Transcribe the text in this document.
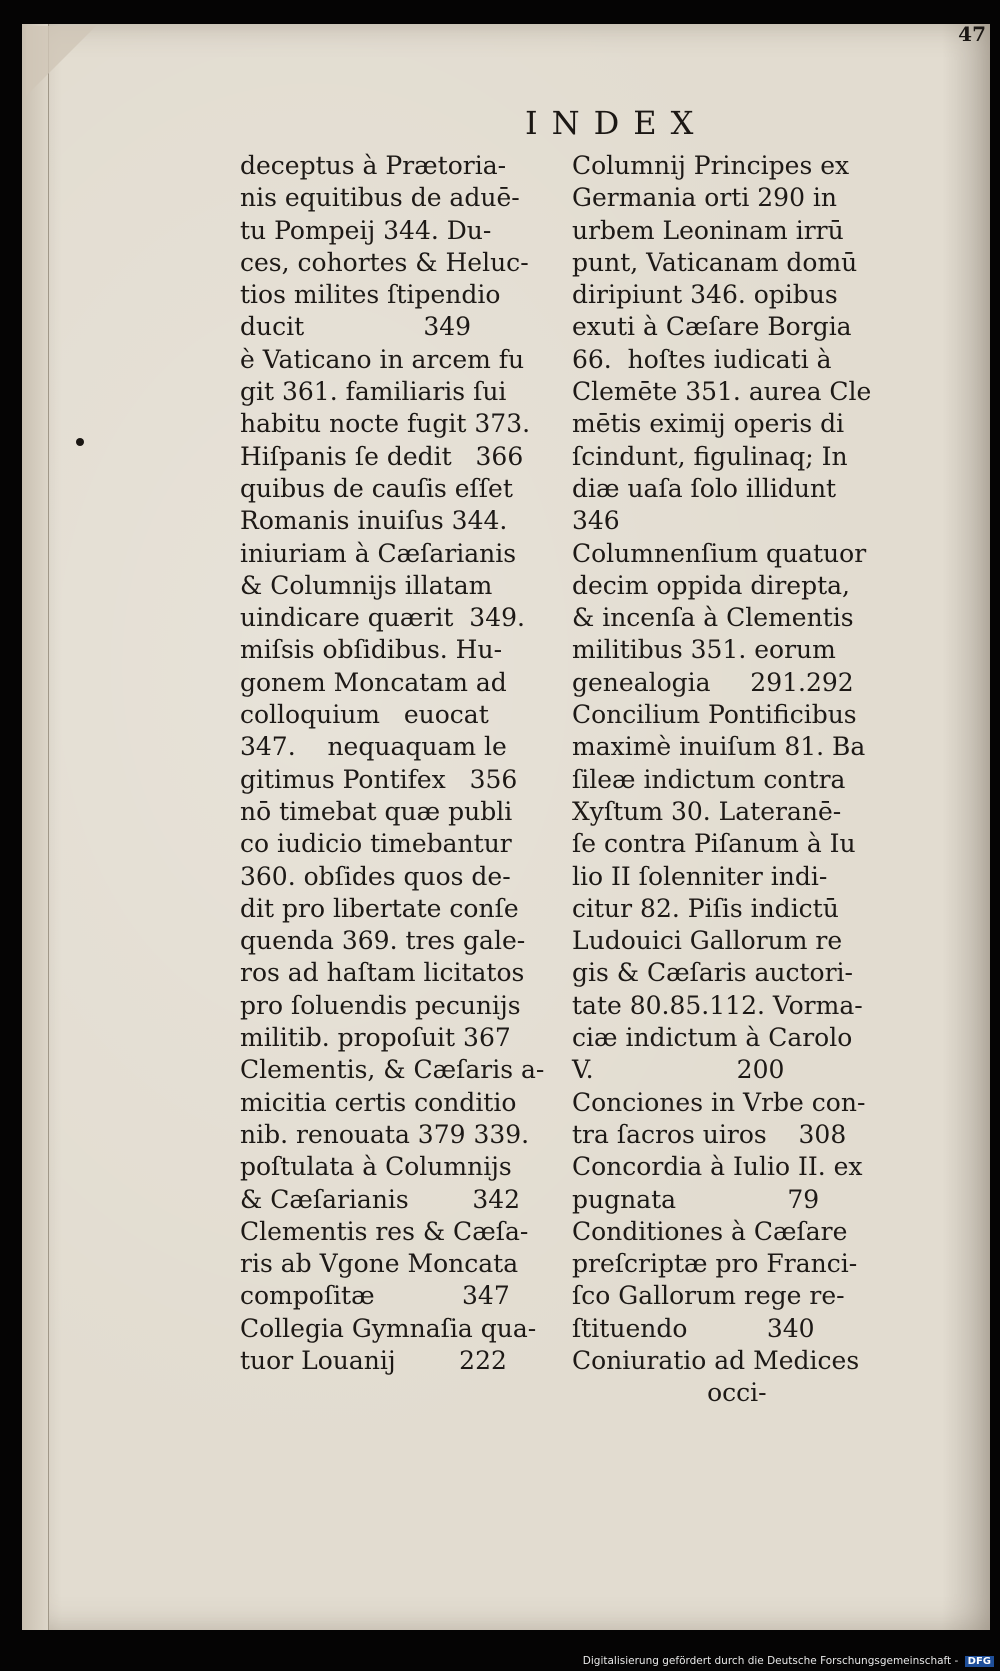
47
INDEX
deceptus à Prætoria-
nis equitibus de aduē-
tu Pompeij 344. Du-
ces, cohortes & Heluc-
tios milites ſtipendio
ducit               349
è Vaticano in arcem fu
git 361. familiaris ſui
habitu nocte fugit 373.
Hiſpanis ſe dedit   366
quibus de cauſis eſſet
Romanis inuiſus 344.
iniuriam à Cæſarianis
& Columnijs illatam
uindicare quærit  349.
miſsis obſidibus. Hu-
gonem Moncatam ad
colloquium   euocat
347.    nequaquam le
gitimus Pontifex   356
nō timebat quæ publi
co iudicio timebantur
360. obſides quos de-
dit pro libertate conſe
quenda 369. tres gale-
ros ad haſtam licitatos
pro ſoluendis pecunijs
militib. propoſuit 367
Clementis, & Cæſaris a-
micitia certis conditio
nib. renouata 379 339.
poſtulata à Columnijs
& Cæſarianis        342
Clementis res & Cæſa-
ris ab Vgone Moncata
compoſitæ           347
Collegia Gymnaſia qua-
tuor Louanij        222
Columnij Principes ex
Germania orti 290 in
urbem Leoninam irrū
punt, Vaticanam domū
diripiunt 346. opibus
exuti à Cæſare Borgia
66.  hoſtes iudicati à
Clemēte 351. aurea Cle
mētis eximij operis di
ſcindunt, figulinaq; In
diæ uaſa ſolo illidunt
346
Columnenſium quatuor
decim oppida direpta,
& incenſa à Clementis
militibus 351. eorum
genealogia     291.292
Concilium Pontificibus
maximè inuiſum 81. Ba
ſileæ indictum contra
Xyſtum 30. Lateranē-
ſe contra Piſanum à Iu
lio II ſolenniter indi-
citur 82. Piſis indictū
Ludouici Gallorum re
gis & Cæſaris auctori-
tate 80.85.112. Vorma-
ciæ indictum à Carolo
V.                  200
Conciones in Vrbe con-
tra ſacros uiros    308
Concordia à Iulio II. ex
pugnata              79
Conditiones à Cæſare
preſcriptæ pro Franci-
ſco Gallorum rege re-
ſtituendo          340
Coniuratio ad Medices
occi-
Digitalisierung gefördert durch die Deutsche Forschungsgemeinschaft - DFG
